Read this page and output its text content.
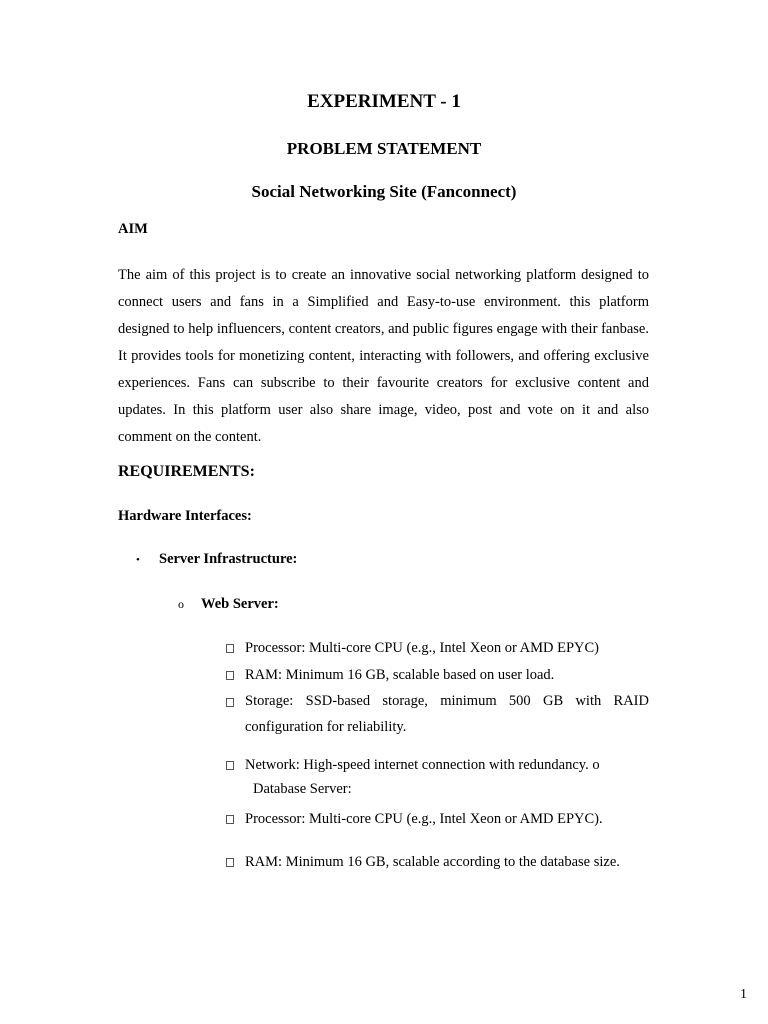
EXPERIMENT - 1
PROBLEM STATEMENT
Social Networking Site (Fanconnect)
AIM

The aim of this project is to create an innovative social networking platform designed to connect users and fans in a Simplified and Easy-to-use environment. this platform designed to help influencers, content creators, and public figures engage with their fanbase. It provides tools for monetizing content, interacting with followers, and offering exclusive experiences. Fans can subscribe to their favourite creators for exclusive content and updates. In this platform user also share image, video, post and vote on it and also comment on the content.

REQUIREMENTS:
Hardware Interfaces:
• Server Infrastructure:
o Web Server:

Processor: Multi-core CPU (e.g., Intel Xeon or AMD EPYC)

RAM: Minimum 16 GB, scalable based on user load.

Storage: SSD-based storage, minimum 500 GB with RAID configuration for reliability.

Network: High-speed internet connection with redundancy. o

Database Server:

Processor: Multi-core CPU (e.g., Intel Xeon or AMD EPYC).

RAM: Minimum 16 GB, scalable according to the database size.

1
